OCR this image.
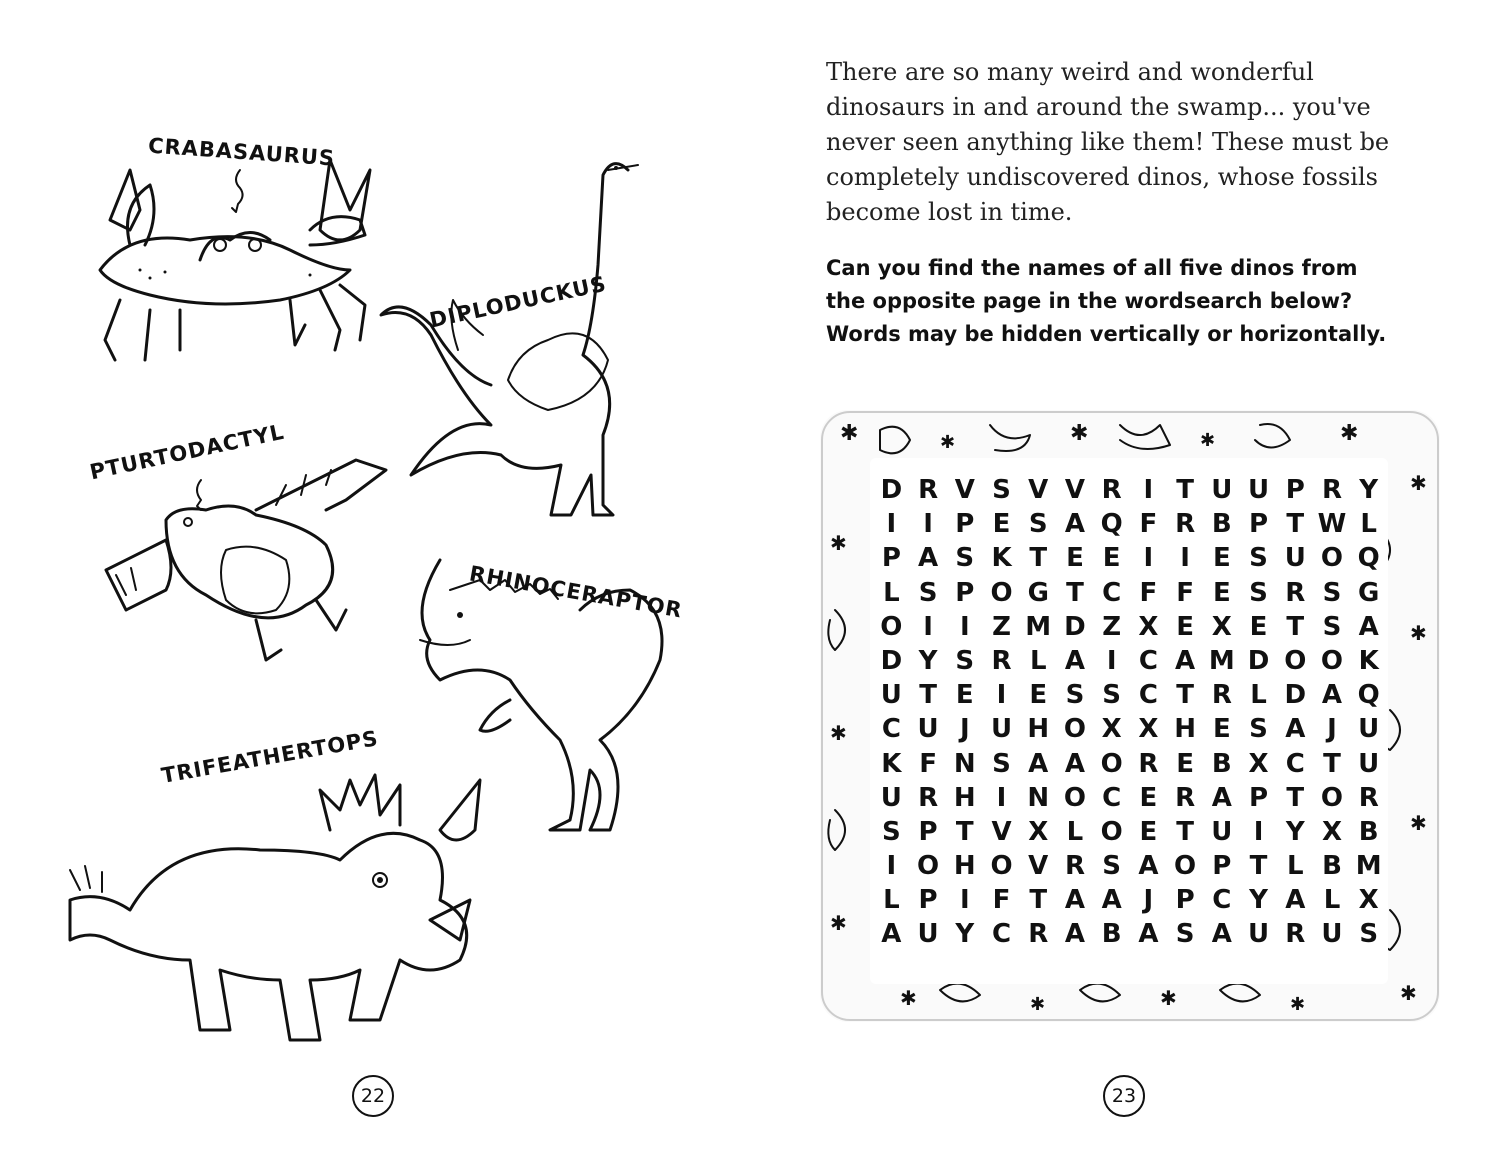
CRABASAURUS
DIPLODUCKUS
PTURTODACTYL
RHINOCERAPTOR
TRIFEATHERTOPS
22
There are so many weird and wonderful dinosaurs in and around the swamp... you've never seen anything like them! These must be completely undiscovered dinos, whose fossils become lost in time.
Can you find the names of all five dinos from
the opposite page in the wordsearch below?
Words may be hidden vertically or horizontally.
✱	✱	✱	✱	✱
✱
✱
✱
✱
✱
✱
✱	✱	✱	✱	✱
D R V S V V R I T U U P R Y
I	I P E S A Q F R B P T W L
P A S K T E E I	I E S U O Q
L S P O G T C F F E S R S G
O I	I Z M D Z X E X E T S A
D Y S R L A I C A M D O O K
U T E I E S S C T R L D A Q
C U J U H O X X H E S A J U
K F N S A A O R E B X C T U
U R H I N O C E R A P T O R
S P T V X L O E T U I Y X B
I O H O V R S A O P T L B M
L P I F T A A J P C Y A L X
A U Y C R A B A S A U R U S
23
